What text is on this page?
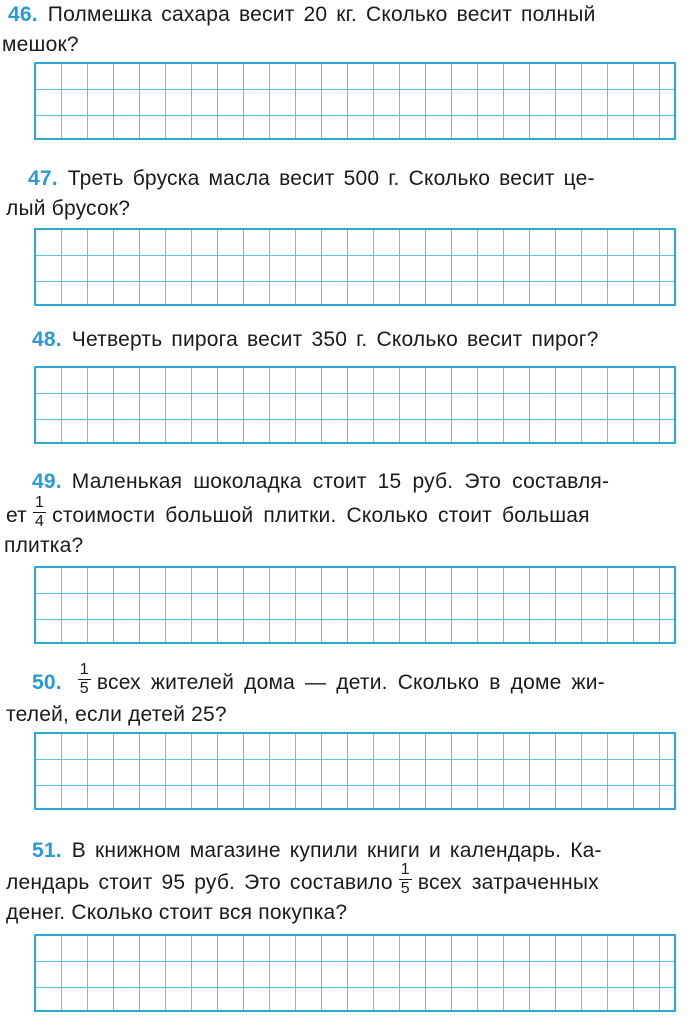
46. Полмешка сахара весит 20 кг. Сколько весит полный
мешок?
47. Треть бруска масла весит 500 г. Сколько весит це-
лый брусок?
48. Четверть пирога весит 350 г. Сколько весит пирог?
49. Маленькая шоколадка стоит 15 руб. Это составля-
ет $\frac{1}{4}$ стоимости большой плитки. Сколько стоит большая
плитка?
50. $\frac{1}{5}$ всех жителей дома — дети. Сколько в доме жи-
телей, если детей 25?
51. В книжном магазине купили книги и календарь. Ка-
лендарь стоит 95 руб. Это составило $\frac{1}{5}$ всех затраченных
денег. Сколько стоит вся покупка?
